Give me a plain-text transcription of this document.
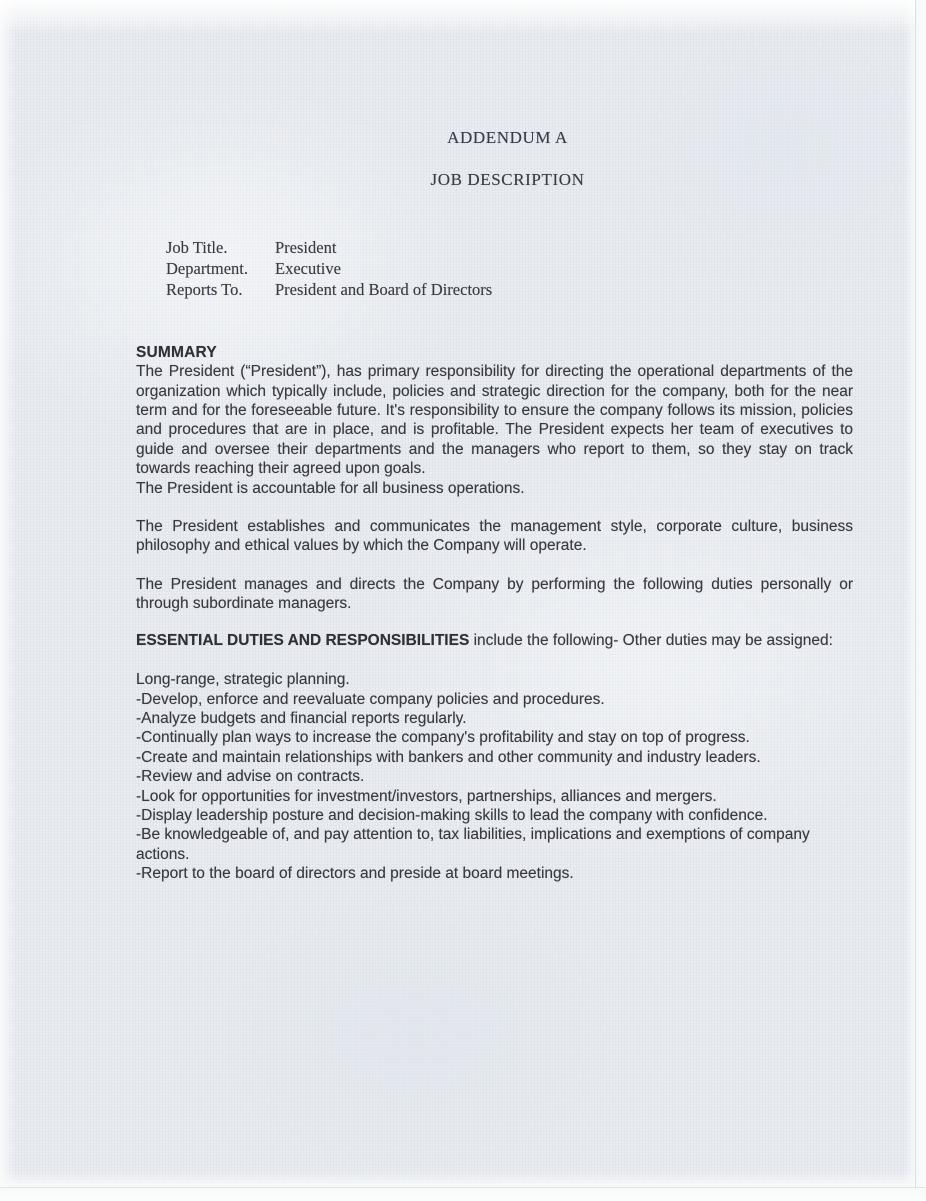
ADDENDUM A
JOB DESCRIPTION
Job Title.	President
Department.	Executive
Reports To.	President and Board of Directors

SUMMARY

The President (“President”), has primary responsibility for directing the operational departments of the organization which typically include, policies and strategic direction for the company, both for the near term and for the foreseeable future. It's responsibility to ensure the company follows its mission, policies and procedures that are in place, and is profitable. The President expects her team of executives to guide and oversee their departments and the managers who report to them, so they stay on track towards reaching their agreed upon goals.

The President is accountable for all business operations.

The President establishes and communicates the management style, corporate culture, business philosophy and ethical values by which the Company will operate.

The President manages and directs the Company by performing the following duties personally or through subordinate managers.

ESSENTIAL DUTIES AND RESPONSIBILITIES include the following- Other duties may be assigned:

Long-range, strategic planning.
-Develop, enforce and reevaluate company policies and procedures.
-Analyze budgets and financial reports regularly.
-Continually plan ways to increase the company's profitability and stay on top of progress.
-Create and maintain relationships with bankers and other community and industry leaders.
-Review and advise on contracts.
-Look for opportunities for investment/investors, partnerships, alliances and mergers.
-Display leadership posture and decision-making skills to lead the company with confidence.
-Be knowledgeable of, and pay attention to, tax liabilities, implications and exemptions of company actions.
-Report to the board of directors and preside at board meetings.
